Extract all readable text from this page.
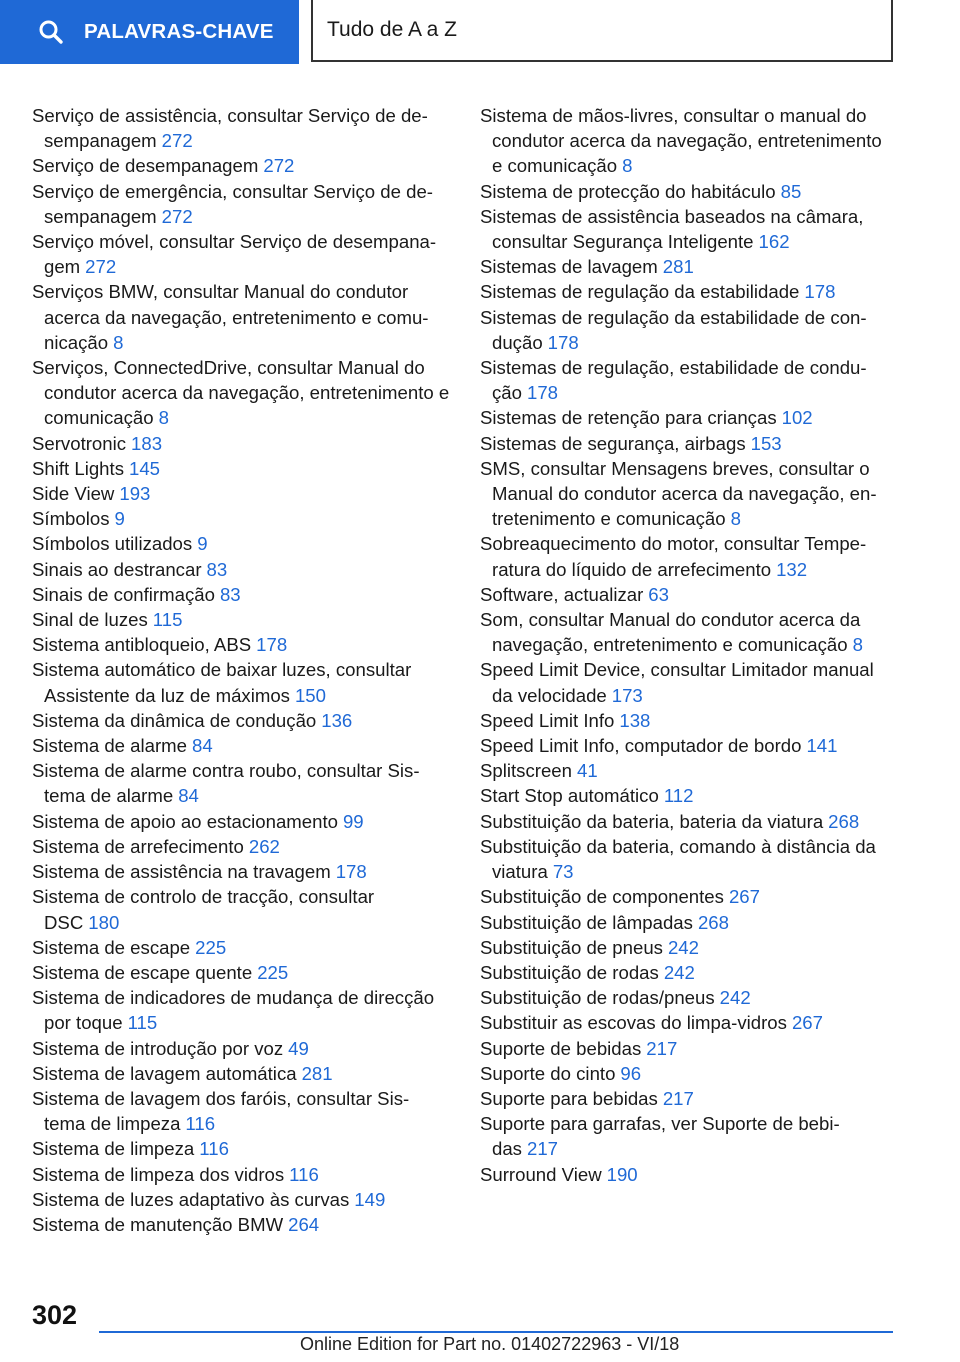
PALAVRAS-CHAVE	Tudo de A a Z
Serviço de assistência, consultar Serviço de de‐ sempanagem 272
Serviço de desempanagem 272
Serviço de emergência, consultar Serviço de de‐ sempanagem 272
Serviço móvel, consultar Serviço de desempana‐ gem 272
Serviços BMW, consultar Manual do condutor acerca da navegação, entretenimento e comu‐ nicação 8
Serviços, ConnectedDrive, consultar Manual do condutor acerca da navegação, entretenimento e comunicação 8
Servotronic 183
Shift Lights 145
Side View 193
Símbolos 9
Símbolos utilizados 9
Sinais ao destrancar 83
Sinais de confirmação 83
Sinal de luzes 115
Sistema antibloqueio, ABS 178
Sistema automático de baixar luzes, consultar Assistente da luz de máximos 150
Sistema da dinâmica de condução 136
Sistema de alarme 84
Sistema de alarme contra roubo, consultar Sis‐ tema de alarme 84
Sistema de apoio ao estacionamento 99
Sistema de arrefecimento 262
Sistema de assistência na travagem 178
Sistema de controlo de tracção, consultar DSC 180
Sistema de escape 225
Sistema de escape quente 225
Sistema de indicadores de mudança de direcção por toque 115
Sistema de introdução por voz 49
Sistema de lavagem automática 281
Sistema de lavagem dos faróis, consultar Sis‐ tema de limpeza 116
Sistema de limpeza 116
Sistema de limpeza dos vidros 116
Sistema de luzes adaptativo às curvas 149
Sistema de manutenção BMW 264
Sistema de mãos-livres, consultar o manual do condutor acerca da navegação, entretenimento e comunicação 8
Sistema de protecção do habitáculo 85
Sistemas de assistência baseados na câmara, consultar Segurança Inteligente 162
Sistemas de lavagem 281
Sistemas de regulação da estabilidade 178
Sistemas de regulação da estabilidade de con‐ dução 178
Sistemas de regulação, estabilidade de condu‐ ção 178
Sistemas de retenção para crianças 102
Sistemas de segurança, airbags 153
SMS, consultar Mensagens breves, consultar o Manual do condutor acerca da navegação, en‐ tretenimento e comunicação 8
Sobreaquecimento do motor, consultar Tempe‐ ratura do líquido de arrefecimento 132
Software, actualizar 63
Som, consultar Manual do condutor acerca da navegação, entretenimento e comunicação 8
Speed Limit Device, consultar Limitador manual da velocidade 173
Speed Limit Info 138
Speed Limit Info, computador de bordo 141
Splitscreen 41
Start Stop automático 112
Substituição da bateria, bateria da viatura 268
Substituição da bateria, comando à distância da viatura 73
Substituição de componentes 267
Substituição de lâmpadas 268
Substituição de pneus 242
Substituição de rodas 242
Substituição de rodas/pneus 242
Substituir as escovas do limpa-vidros 267
Suporte de bebidas 217
Suporte do cinto 96
Suporte para bebidas 217
Suporte para garrafas, ver Suporte de bebi‐ das 217
Surround View 190
302
Online Edition for Part no. 01402722963 - VI/18
